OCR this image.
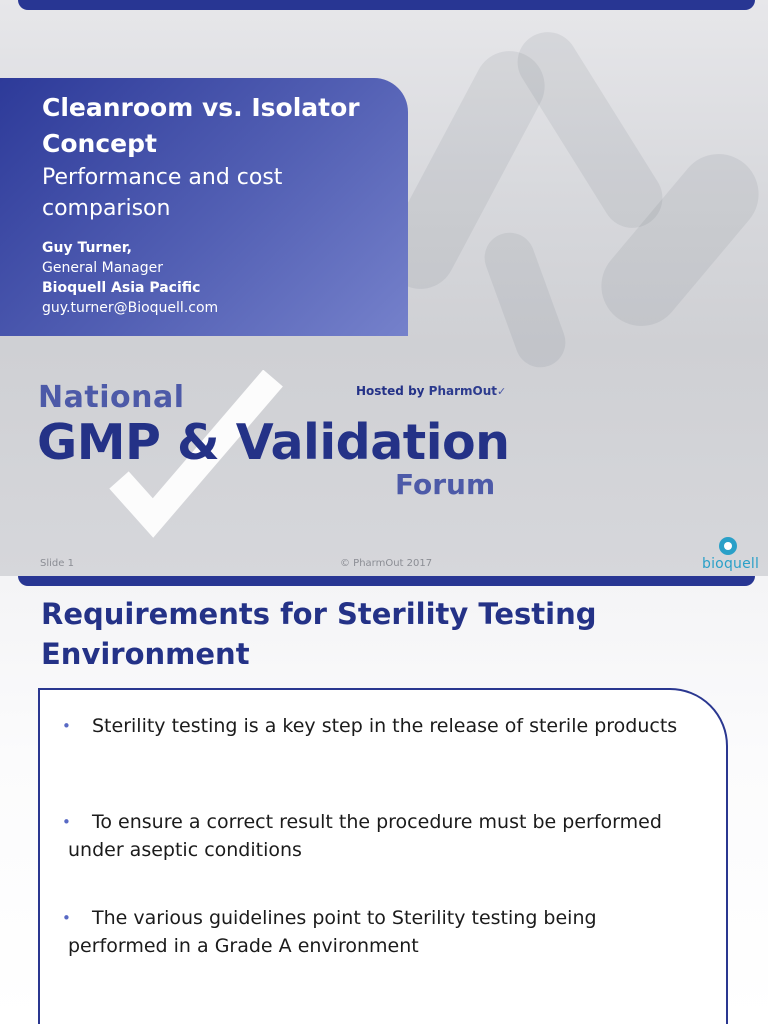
Cleanroom vs. Isolator Concept

Performance and cost comparison

Guy Turner,

General Manager

Bioquell Asia Pacific

guy.turner@Bioquell.com

National
GMP & Validation
Forum
Hosted by PharmOut✓
Slide 1	© PharmOut 2017	bioquell
Requirements for Sterility Testing Environment
•	Sterility testing is a key step in the release of sterile products
•	To ensure a correct result the procedure must be performed under aseptic conditions
•	The various guidelines point to Sterility testing being performed in a Grade A environment
